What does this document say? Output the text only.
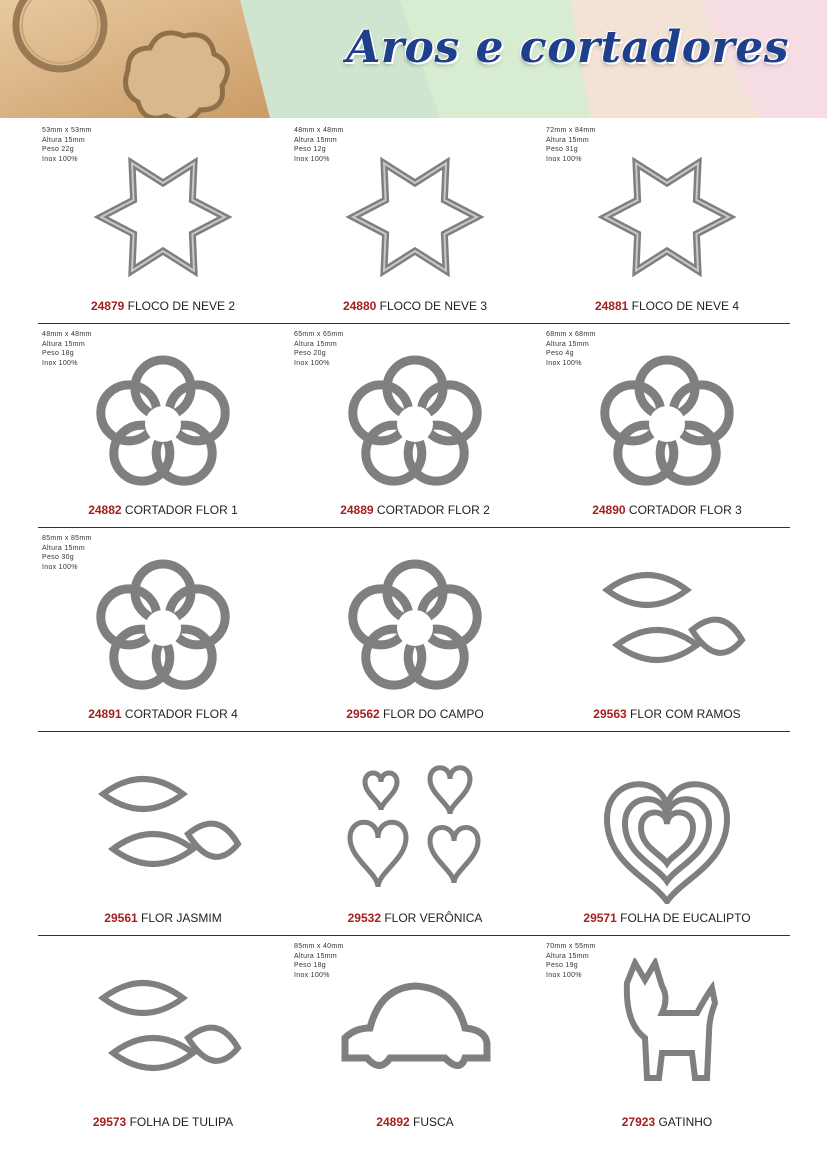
Aros e cortadores
53mm x 53mm
Altura 15mm
Peso 22g
Inox 100%
24879 FLOCO DE NEVE 2
48mm x 48mm
Altura 15mm
Peso 12g
Inox 100%
24880 FLOCO DE NEVE 3
72mm x 84mm
Altura 15mm
Peso 31g
Inox 100%
24881 FLOCO DE NEVE 4
48mm x 48mm
Altura 15mm
Peso 18g
Inox 100%
24882 CORTADOR FLOR 1
65mm x 65mm
Altura 15mm
Peso 20g
Inox 100%
24889 CORTADOR FLOR 2
68mm x 68mm
Altura 15mm
Peso 4g
Inox 100%
24890 CORTADOR FLOR 3
85mm x 85mm
Altura 15mm
Peso 30g
Inox 100%
24891 CORTADOR FLOR 4	29562 FLOR DO CAMPO	29563 FLOR COM RAMOS
29561 FLOR JASMIM	29532 FLOR VERÔNICA	29571 FOLHA DE EUCALIPTO
29573 FOLHA DE TULIPA
85mm x 40mm
Altura 15mm
Peso 18g
Inox 100%
24892 FUSCA
70mm x 55mm
Altura 15mm
Peso 19g
Inox 100%
27923 GATINHO
